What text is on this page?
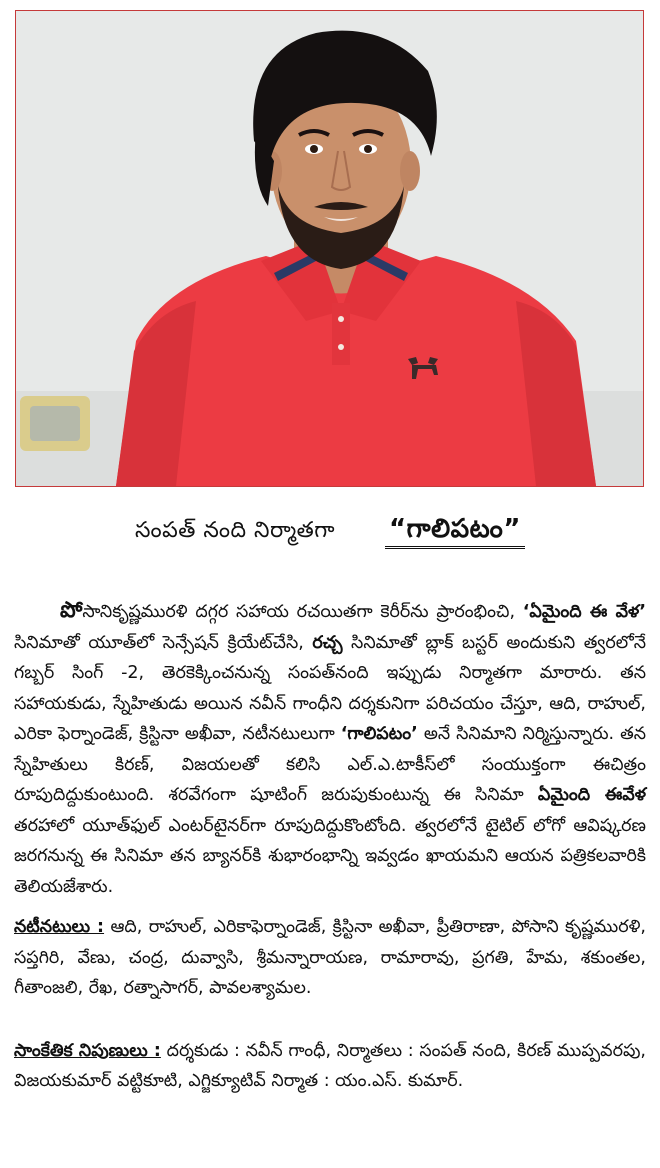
సంపత్ నంది నిర్మాతగా “గాలిపటం”

పోసానికృష్ణమురళి దగ్గర సహాయ రచయితగా కెరీర్‌ను ప్రారంభించి, ‘ఏమైంది ఈ వేళ’ సినిమాతో యూత్‌లో సెన్సేషన్ క్రియేట్‌చేసి, రచ్చ సినిమాతో బ్లాక్ బస్టర్ అందుకుని త్వరలోనే గబ్బర్ సింగ్ -2, తెరకెక్కించనున్న సంపత్‌నంది ఇప్పుడు నిర్మాతగా మారారు. తన సహాయకుడు, స్నేహితుడు అయిన నవీన్ గాంధీని దర్శకునిగా పరిచయం చేస్తూ, ఆది, రాహుల్, ఎరికా ఫెర్నాండెజ్, క్రిస్టినా అఖీవా, నటీనటులుగా ‘గాలిపటం’ అనే సినిమాని నిర్మిస్తున్నారు. తన స్నేహితులు కిరణ్, విజయలతో కలిసి ఎల్.ఎ.టాకీస్‌లో సంయుక్తంగా ఈచిత్రం రూపుదిద్దుకుంటుంది. శరవేగంగా షూటింగ్ జరుపుకుంటున్న ఈ సినిమా ఏమైంది ఈవేళ తరహాలో యూత్‌ఫుల్ ఎంటర్‌టైనర్‌గా రూపుదిద్దుకొంటోంది. త్వరలోనే టైటిల్ లోగో ఆవిష్కరణ జరగనున్న ఈ సినిమా తన బ్యానర్‌కి శుభారంభాన్ని ఇవ్వడం ఖాయమని ఆయన పత్రికలవారికి తెలియజేశారు.

నటీనటులు : ఆది, రాహుల్, ఎరికాఫెర్నాండెజ్, క్రిస్టినా అఖీవా, ప్రీతిరాణా, పోసాని కృష్ణమురళి, సప్తగిరి, వేణు, చంద్ర, దువ్వాసి, శ్రీమన్నారాయణ, రామారావు, ప్రగతి, హేమ, శకుంతల, గీతాంజలి, రేఖ, రత్నాసాగర్, పావలశ్యామల.

సాంకేతిక నిపుణులు : దర్శకుడు : నవీన్ గాంధీ, నిర్మాతలు : సంపత్ నంది, కిరణ్ ముప్పవరపు, విజయకుమార్ వట్టికూటి, ఎగ్జిక్యూటివ్ నిర్మాత : యం.ఎస్. కుమార్.
